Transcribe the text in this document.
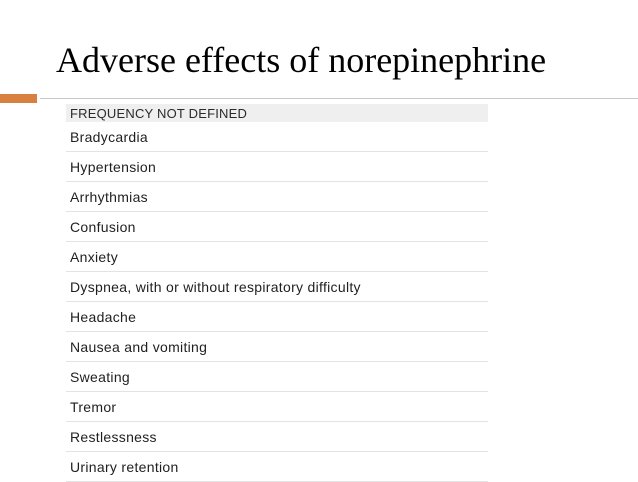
Adverse effects of norepinephrine
FREQUENCY NOT DEFINED
Bradycardia
Hypertension
Arrhythmias
Confusion
Anxiety
Dyspnea, with or without respiratory difficulty
Headache
Nausea and vomiting
Sweating
Tremor
Restlessness
Urinary retention
